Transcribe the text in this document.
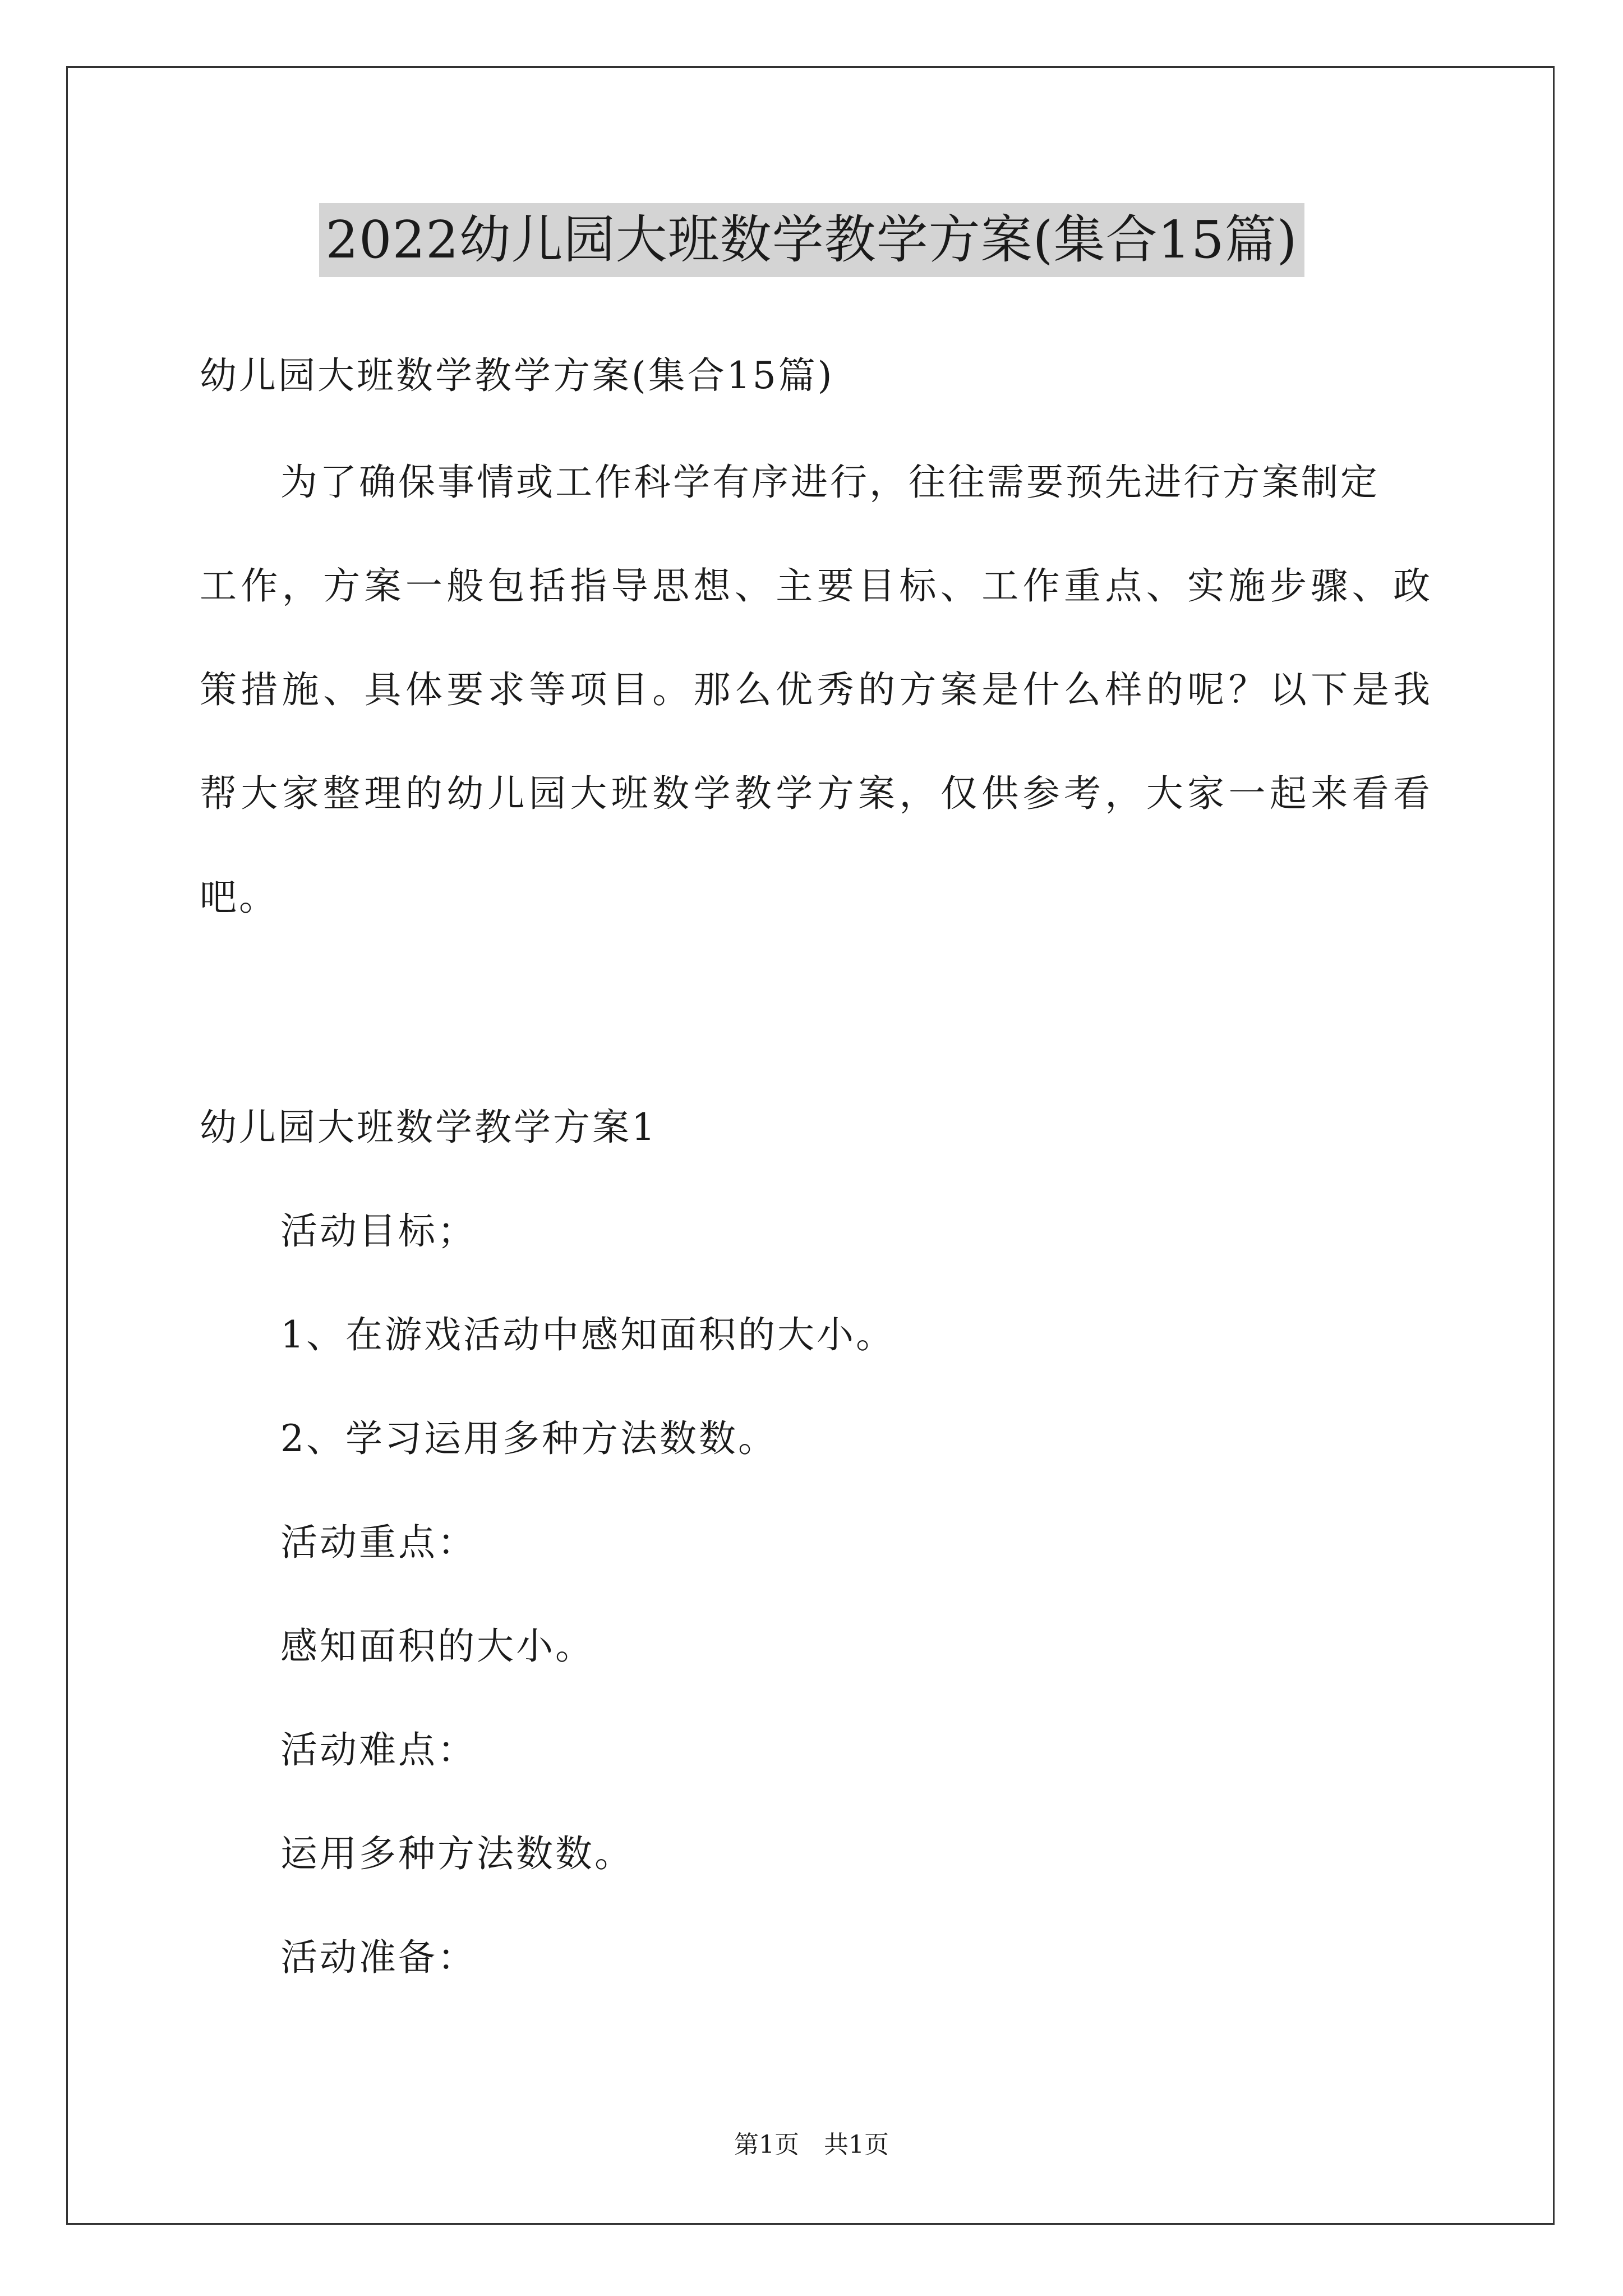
2022幼儿园大班数学教学方案(集合15篇)
幼儿园大班数学教学方案(集合15篇)
为了确保事情或工作科学有序进行，往往需要预先进行方案制定
工作，方案一般包括指导思想、主要目标、工作重点、实施步骤、政
策措施、具体要求等项目。那么优秀的方案是什么样的呢？以下是我
帮大家整理的幼儿园大班数学教学方案，仅供参考，大家一起来看看
吧。
幼儿园大班数学教学方案1
活动目标；
1、在游戏活动中感知面积的大小。
2、学习运用多种方法数数。
活动重点：
感知面积的大小。
活动难点：
运用多种方法数数。
活动准备：
第1页　共1页
